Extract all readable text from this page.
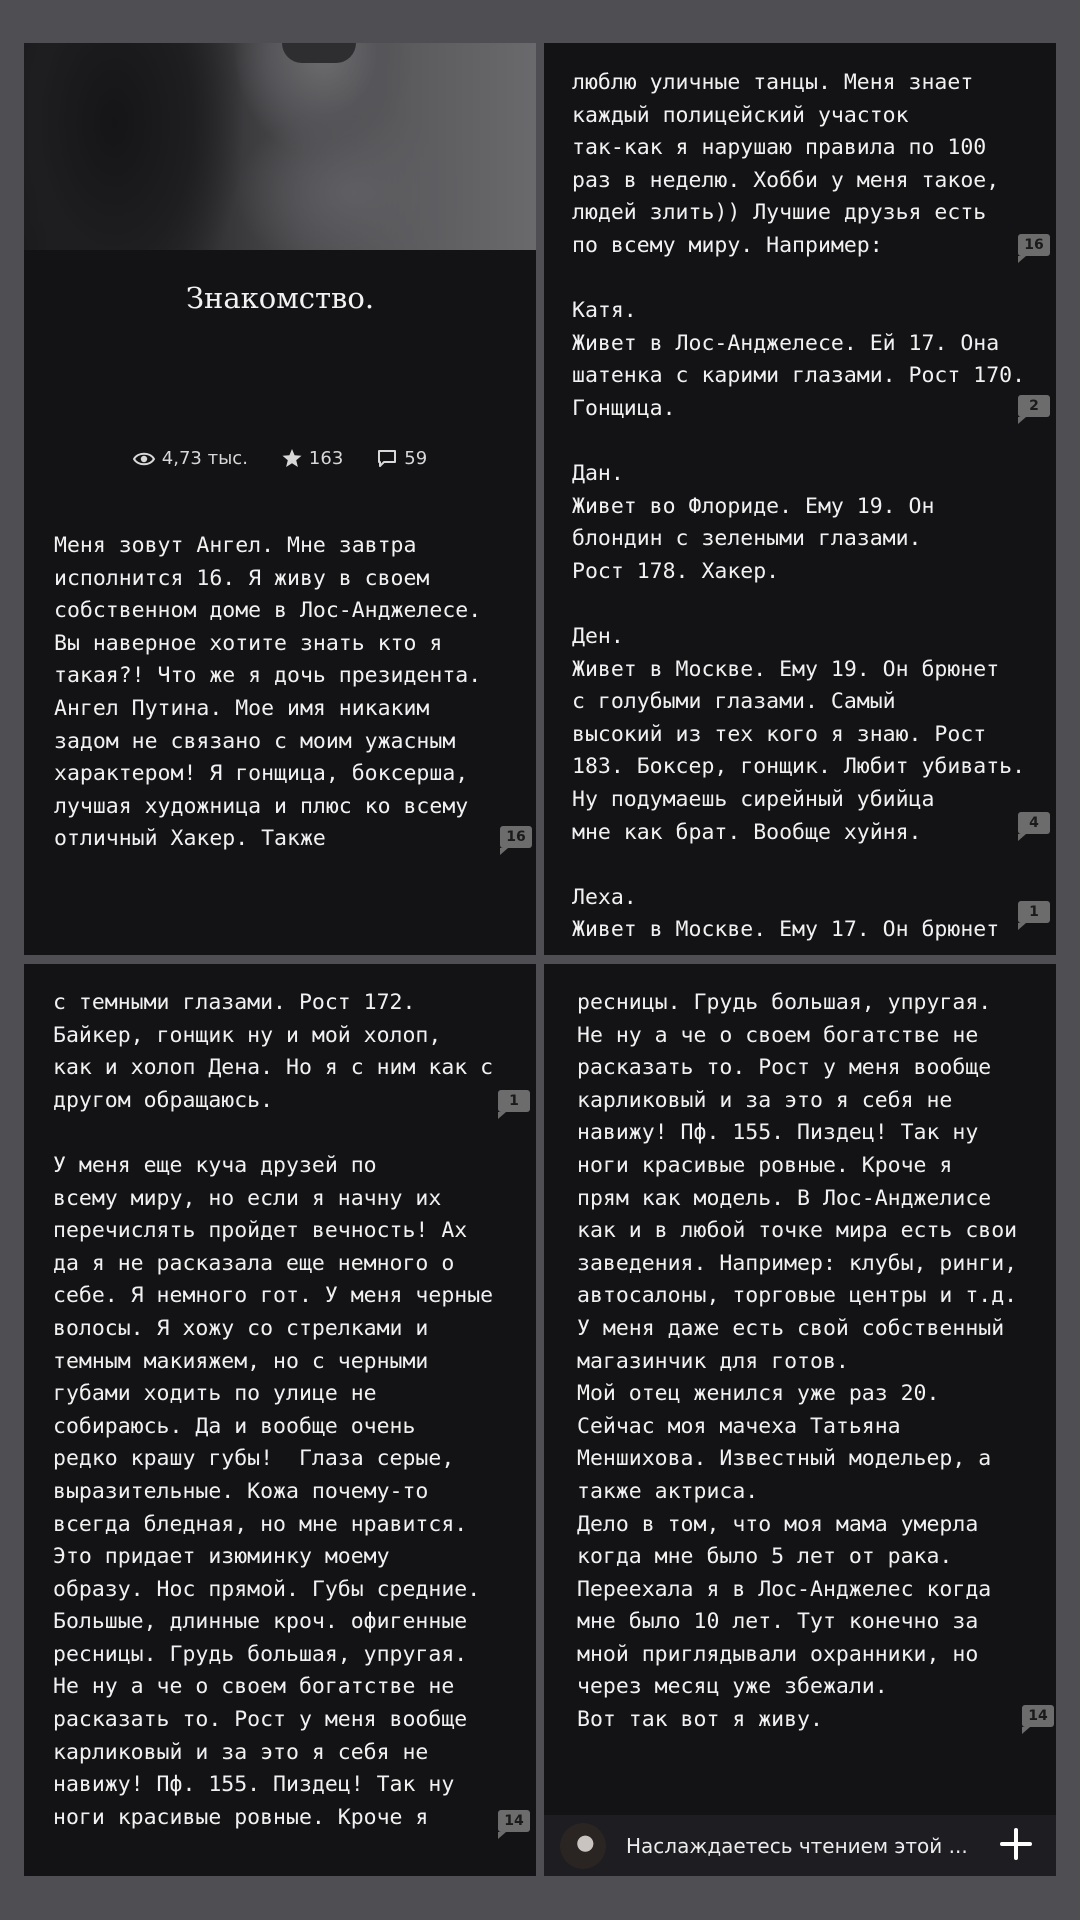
Знакомство.
4,73 тыс.	163	59
Меня зовут Ангел. Мне завтра
исполнится 16. Я живу в своем
собственном доме в Лос-Анджелесе.
Вы наверное хотите знать кто я
такая?! Что же я дочь президента.
Ангел Путина. Мое имя никаким
задом не связано с моим ужасным
характером! Я гонщица, боксерша,
лучшая художница и плюс ко всему
отличный Хакер. Также	16
люблю уличные танцы. Меня знает
каждый полицейский участок
так-как я нарушаю правила по 100
раз в неделю. Хобби у меня такое,
людей злить)) Лучшие друзья есть
по всему миру. Например:

Катя.
Живет в Лос-Анджелесе. Ей 17. Она
шатенка с карими глазами. Рост 170.
Гонщица.

Дан.
Живет во Флориде. Ему 19. Он
блондин с зелеными глазами.
Рост 178. Хакер.

Ден.
Живет в Москве. Ему 19. Он брюнет
с голубыми глазами. Самый
высокий из тех кого я знаю. Рост
183. Боксер, гонщик. Любит убивать.
Ну подумаешь сирейный убийца
мне как брат. Вообще хуйня.

Леха.
Живет в Москве. Ему 17. Он брюнет
16
2
4
1
с темными глазами. Рост 172.
Байкер, гонщик ну и мой холоп,
как и холоп Дена. Но я с ним как с
другом обращаюсь.

У меня еще куча друзей по
всему миру, но если я начну их
перечислять пройдет вечность! Ах
да я не расказала еще немного о
себе. Я немного гот. У меня черные
волосы. Я хожу со стрелками и
темным макияжем, но с черными
губами ходить по улице не
собираюсь. Да и вообще очень
редко крашу губы!  Глаза серые,
выразительные. Кожа почему-то
всегда бледная, но мне нравится.
Это придает изюминку моему
образу. Нос прямой. Губы средние.
Большые, длинные кроч. офигенные
ресницы. Грудь большая, упругая.
Не ну а че о своем богатстве не
расказать то. Рост у меня вообще
карликовый и за это я себя не
навижу! Пф. 155. Пиздец! Так ну
ноги красивые ровные. Кроче я
1
14
ресницы. Грудь большая, упругая.
Не ну а че о своем богатстве не
расказать то. Рост у меня вообще
карликовый и за это я себя не
навижу! Пф. 155. Пиздец! Так ну
ноги красивые ровные. Кроче я
прям как модель. В Лос-Анджелисе
как и в любой точке мира есть свои
заведения. Например: клубы, ринги,
автосалоны, торговые центры и т.д.
У меня даже есть свой собственный
магазинчик для готов.
Мой отец женился уже раз 20.
Сейчас моя мачеха Татьяна
Меншихова. Известный модельер, а
также актриса.
Дело в том, что моя мама умерла
когда мне было 5 лет от рака.
Переехала я в Лос-Анджелес когда
мне было 10 лет. Тут конечно за
мной приглядывали охранники, но
через месяц уже збежали.
Вот так вот я живу.	14
Наслаждаетесь чтением этой ...
